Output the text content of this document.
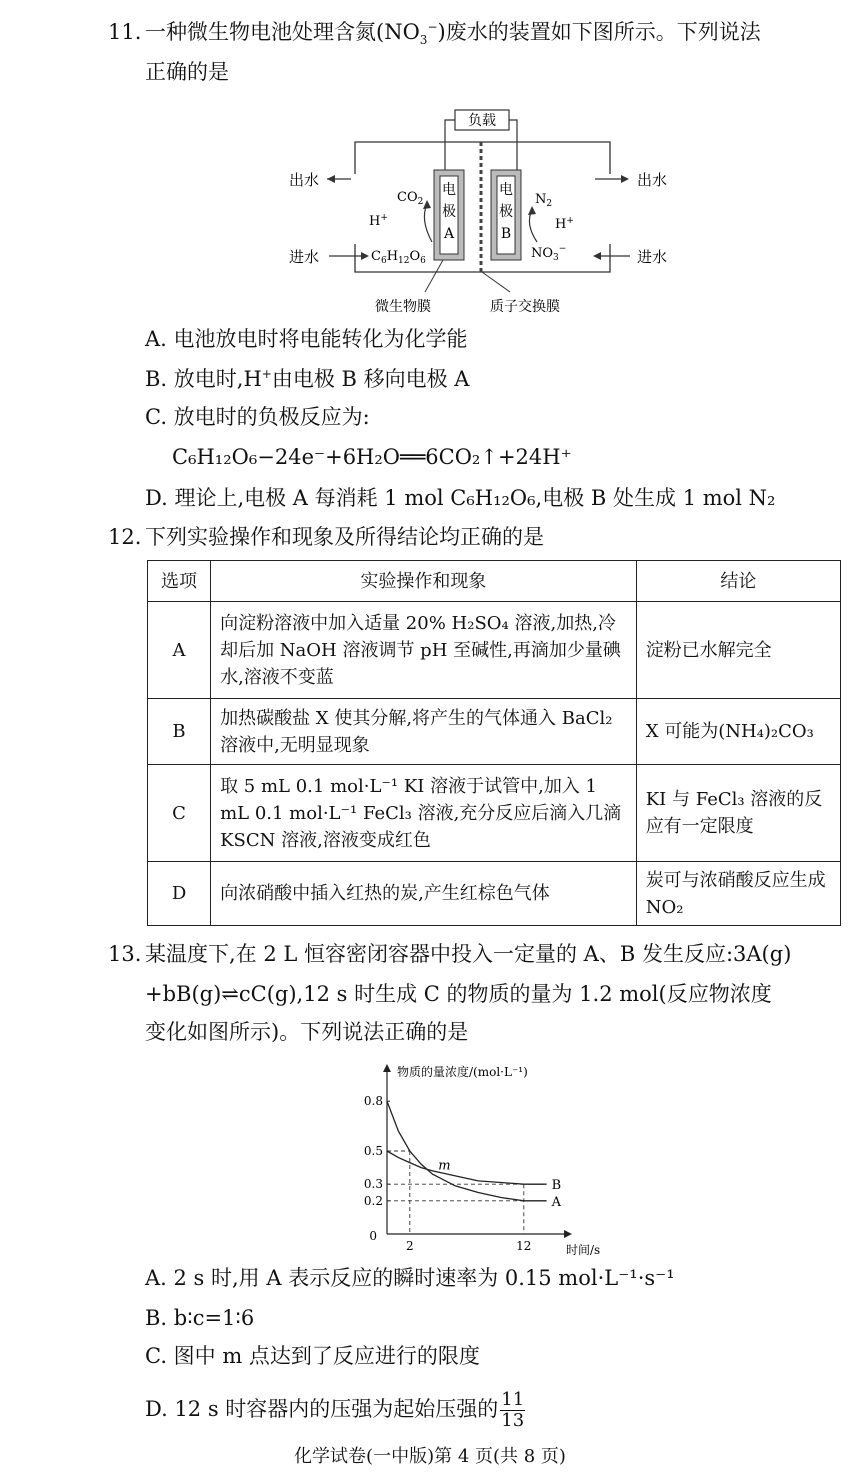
11. 一种微生物电池处理含氮$(NO_3^-)$废水的装置如下图所示。下列说法
正确的是
负载
电
极
A
电
极
B
出水
进水
出水
进水
$CO_2$
H+
$C_6H_{12}O_6$
$N_2$
H+
$NO_3^-$
微生物膜	质子交换膜
A. 电池放电时将电能转化为化学能
B. 放电时,H+由电极 B 移向电极 A
C. 放电时的负极反应为:
C₆H₁₂O₆−24e⁻+6H₂O══6CO₂↑+24H⁺
D. 理论上,电极 A 每消耗 1 mol C₆H₁₂O₆,电极 B 处生成 1 mol N₂
12. 下列实验操作和现象及所得结论均正确的是
选项	实验操作和现象	结论
A	向淀粉溶液中加入适量 20% H₂SO₄ 溶液,加热,冷却后加 NaOH 溶液调节 pH 至碱性,再滴加少量碘水,溶液不变蓝	淀粉已水解完全
B	加热碳酸盐 X 使其分解,将产生的气体通入 BaCl₂ 溶液中,无明显现象	X 可能为(NH₄)₂CO₃
C	取 5 mL 0.1 mol·L⁻¹ KI 溶液于试管中,加入 1 mL 0.1 mol·L⁻¹ FeCl₃ 溶液,充分反应后滴入几滴 KSCN 溶液,溶液变成红色	KI 与 FeCl₃ 溶液的反应有一定限度
D	向浓硝酸中插入红热的炭,产生红棕色气体	炭可与浓硝酸反应生成 NO₂
13. 某温度下,在 2 L 恒容密闭容器中投入一定量的 A、B 发生反应:3A(g)
+bB(g)⇌cC(g),12 s 时生成 C 的物质的量为 1.2 mol(反应物浓度
变化如图所示)。下列说法正确的是
物质的量浓度/(mol·L⁻¹)
时间/s
0
0.8
0.5
0.3
0.2
2	12
A
B
m
A. 2 s 时,用 A 表示反应的瞬时速率为 0.15 mol·L⁻¹·s⁻¹
B. b∶c=1∶6
C. 图中 m 点达到了反应进行的限度
D. 12 s 时容器内的压强为起始压强的 $\frac{11}{13}$
化学试卷(一中版)第 4 页(共 8 页)
